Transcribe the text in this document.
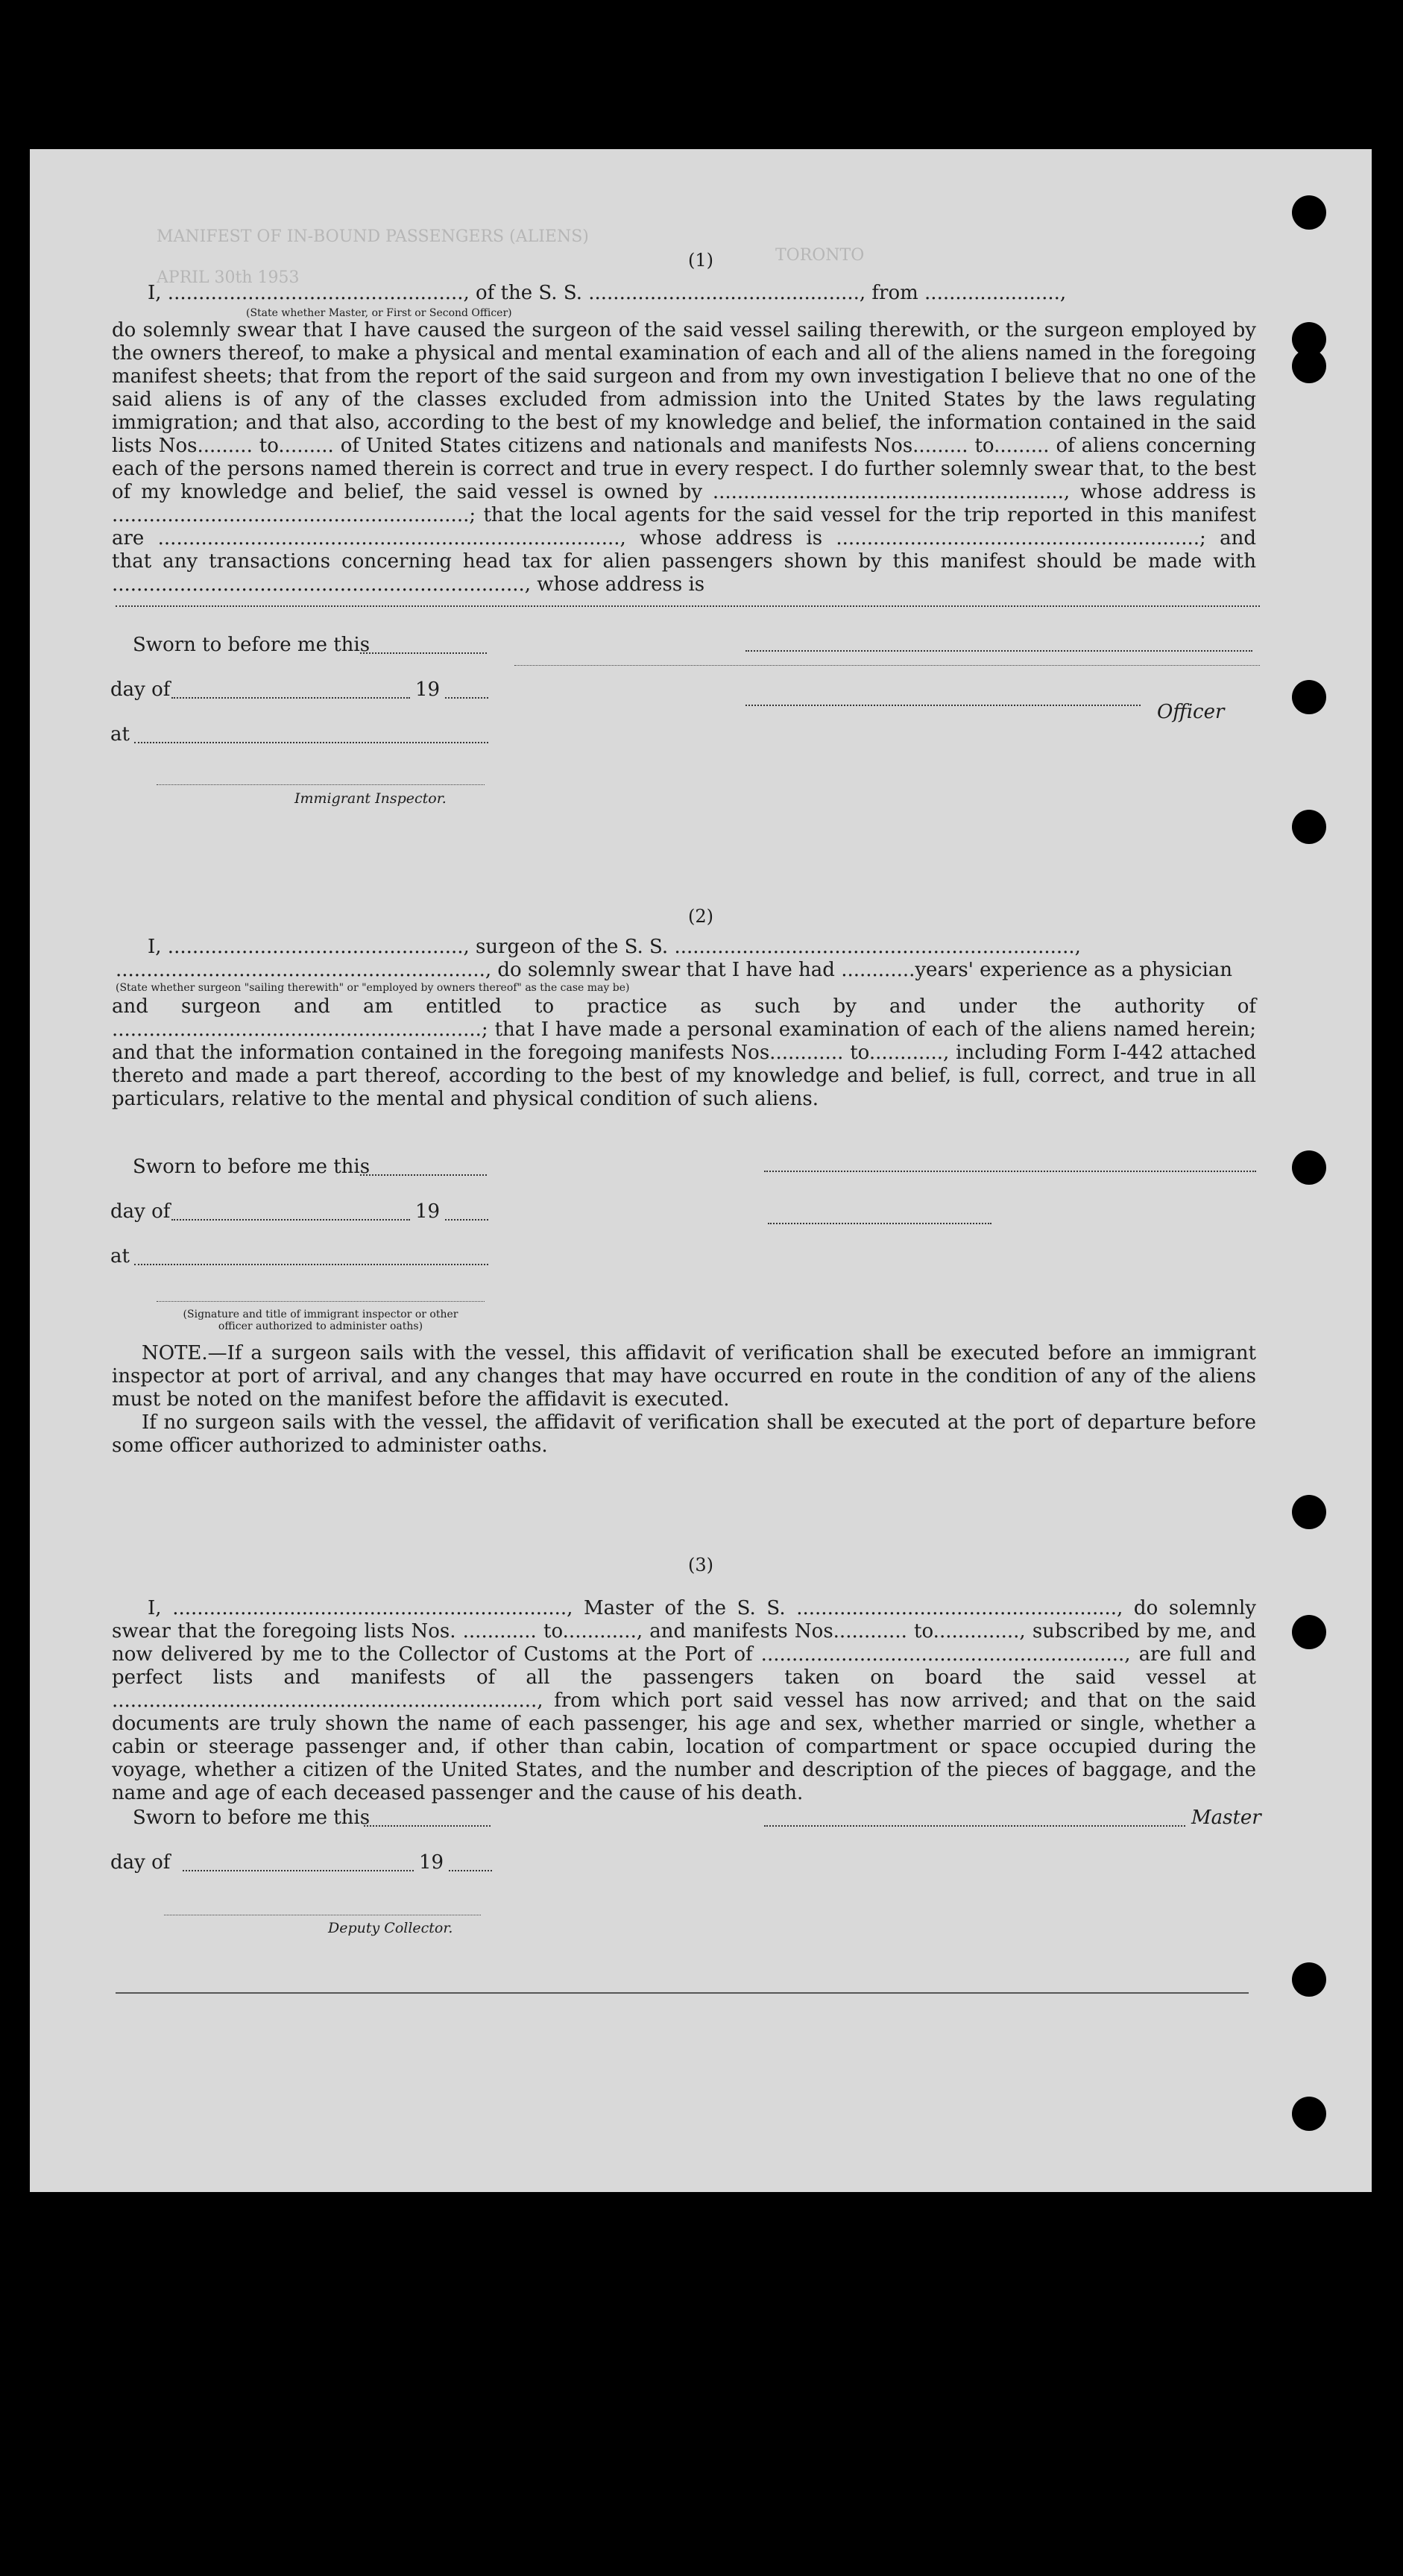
MANIFEST OF IN-BOUND PASSENGERS (ALIENS)
APRIL 30th 1953
TORONTO
(1)
I, ................................................, of the S. S. ............................................, from ......................,
(State whether Master, or First or Second Officer)
do solemnly swear that I have caused the surgeon of the said vessel sailing therewith, or the surgeon employed by the owners thereof, to make a physical and mental examination of each and all of the aliens named in the foregoing manifest sheets; that from the report of the said surgeon and from my own investigation I believe that no one of the said aliens is of any of the classes excluded from admission into the United States by the laws regulating immigration; and that also, according to the best of my knowledge and belief, the information contained in the said lists Nos......... to......... of United States citizens and nationals and manifests Nos......... to......... of aliens concerning each of the persons named therein is correct and true in every respect. I do further solemnly swear that, to the best of my knowledge and belief, the said vessel is owned by ........................................................., whose address is ..........................................................; that the local agents for the said vessel for the trip reported in this manifest are ..........................................................................., whose address is ...........................................................; and that any transactions concerning head tax for alien passengers shown by this manifest should be made with ..................................................................., whose address is
Sworn to before me this
day of	19
Officer
at
Immigrant Inspector.
(2)
I, ................................................, surgeon of the S. S. .................................................................,
............................................................, do solemnly swear that I have had ............years' experience as a physician
(State whether surgeon "sailing therewith" or "employed by owners thereof" as the case may be)
and surgeon and am entitled to practice as such by and under the authority of ............................................................; that I have made a personal examination of each of the aliens named herein; and that the information contained in the foregoing manifests Nos............ to............, including Form I-442 attached thereto and made a part thereof, according to the best of my knowledge and belief, is full, correct, and true in all particulars, relative to the mental and physical condition of such aliens.
Sworn to before me this
day of	19
at
(Signature and title of immigrant inspector or other officer authorized to administer oaths)
NOTE.—If a surgeon sails with the vessel, this affidavit of verification shall be executed before an immigrant inspector at port of arrival, and any changes that may have occurred en route in the condition of any of the aliens must be noted on the manifest before the affidavit is executed.
If no surgeon sails with the vessel, the affidavit of verification shall be executed at the port of departure before some officer authorized to administer oaths.
(3)
I, ................................................................, Master of the S. S. ...................................................., do solemnly swear that the foregoing lists Nos. ............ to............, and manifests Nos............ to.............., subscribed by me, and now delivered by me to the Collector of Customs at the Port of ..........................................................., are full and perfect lists and manifests of all the passengers taken on board the said vessel at ....................................................................., from which port said vessel has now arrived; and that on the said documents are truly shown the name of each passenger, his age and sex, whether married or single, whether a cabin or steerage passenger and, if other than cabin, location of compartment or space occupied during the voyage, whether a citizen of the United States, and the number and description of the pieces of baggage, and the name and age of each deceased passenger and the cause of his death.
Sworn to before me this	Master
day of	19
Deputy Collector.
